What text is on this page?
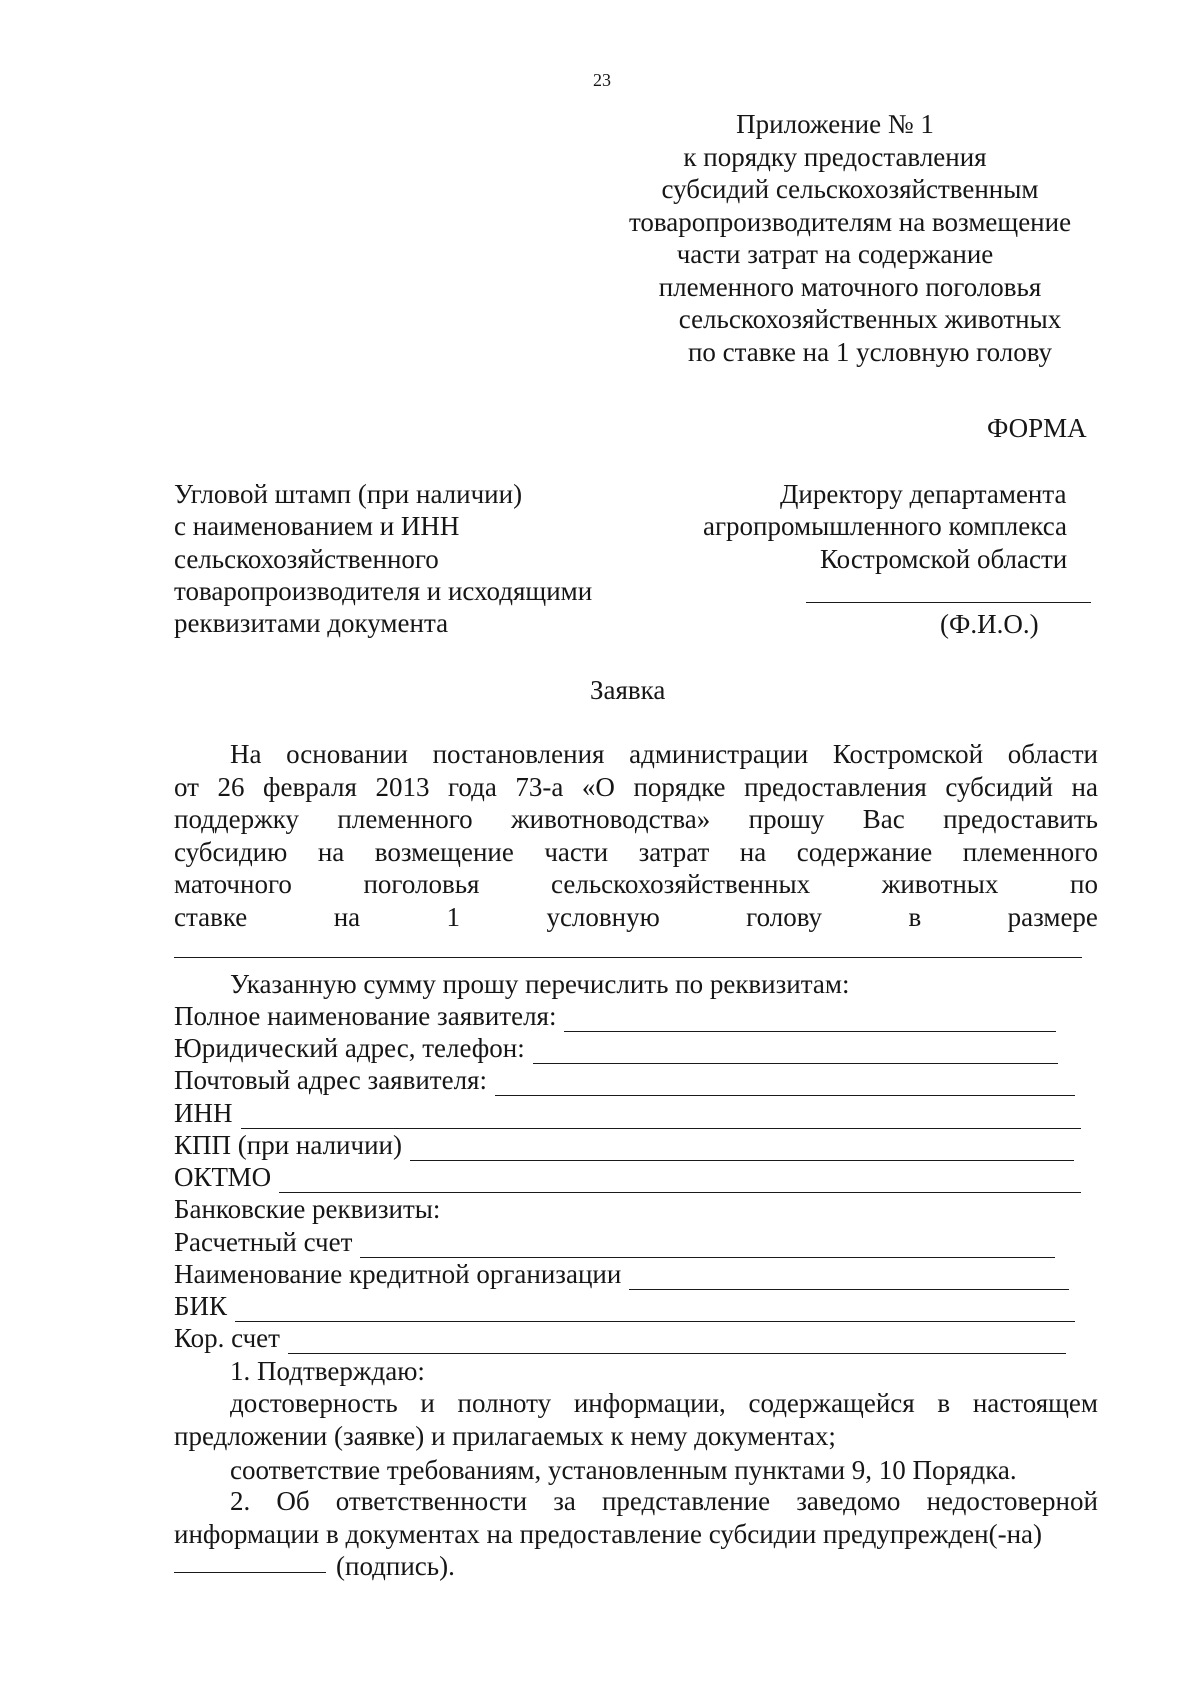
23
Приложение № 1
к порядку предоставления
субсидий сельскохозяйственным
товаропроизводителям на возмещение
части затрат на содержание
племенного маточного поголовья
сельскохозяйственных животных
по ставке на 1 условную голову
ФОРМА
Угловой штамп (при наличии)
с наименованием и ИНН
сельскохозяйственного
товаропроизводителя и исходящими
реквизитами документа
Директору департамента
агропромышленного комплекса
Костромской области
(Ф.И.О.)
Заявка
На основании постановления администрации Костромской области
от 26 февраля 2013 года 73-а «О порядке предоставления субсидий на
поддержку племенного животноводства» прошу Вас предоставить
субсидию на возмещение части затрат на содержание племенного
маточного	поголовья	сельскохозяйственных	животных	по
ставке	на	1	условную	голову	в	размере
Указанную сумму прошу перечислить по реквизитам:
Полное наименование заявителя:
Юридический адрес, телефон:
Почтовый адрес заявителя:
ИНН
КПП (при наличии)
ОКТМО
Банковские реквизиты:
Расчетный счет
Наименование кредитной организации
БИК
Кор. счет
1. Подтверждаю:
достоверность и полноту информации, содержащейся в настоящем
предложении (заявке) и прилагаемых к нему документах;
соответствие требованиям, установленным пунктами 9, 10 Порядка.
2. Об ответственности за представление заведомо недостоверной
информации в документах на предоставление субсидии предупрежден(-на)
(подпись).
